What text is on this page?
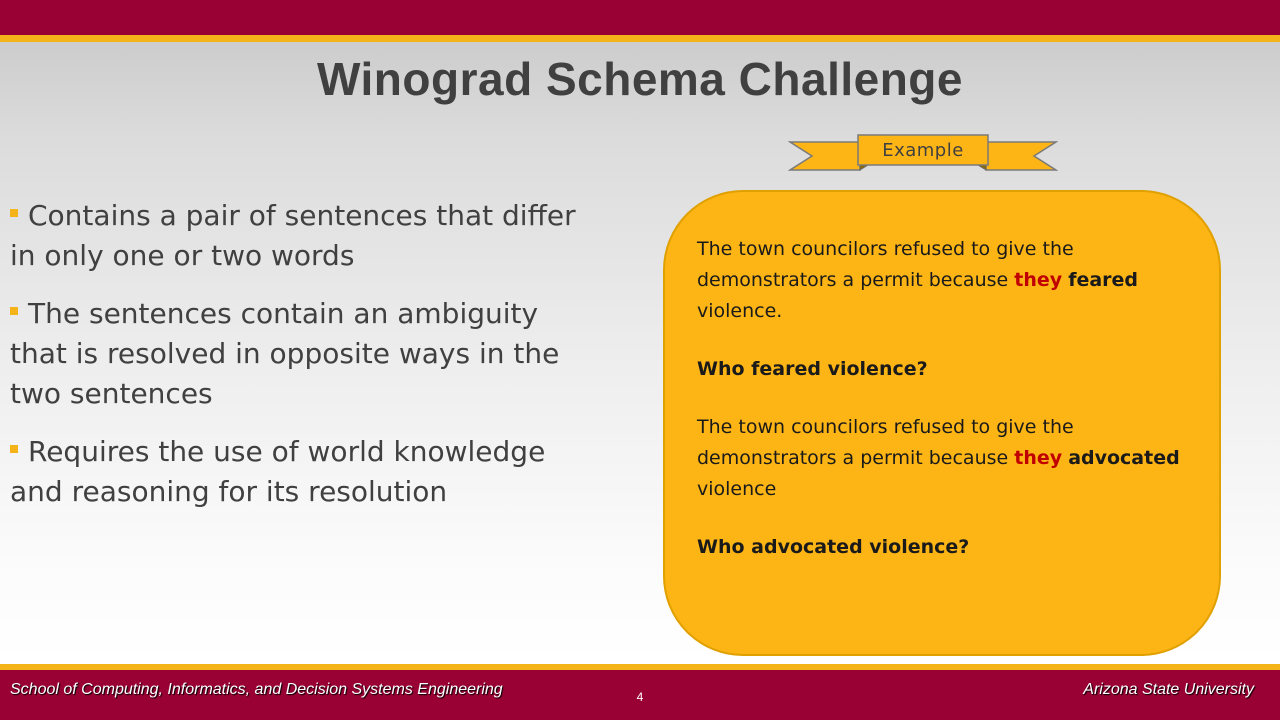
Winograd Schema Challenge
Contains a pair of sentences that differ in only one or two words
The sentences contain an ambiguity that is resolved in opposite ways in the two sentences
Requires the use of world knowledge and reasoning for its resolution
Example

The town councilors refused to give the demonstrators a permit because they feared violence.

Who feared violence?

The town councilors refused to give the demonstrators a permit because they advocated violence

Who advocated violence?

School of Computing, Informatics, and Decision Systems Engineering	4	Arizona State University
